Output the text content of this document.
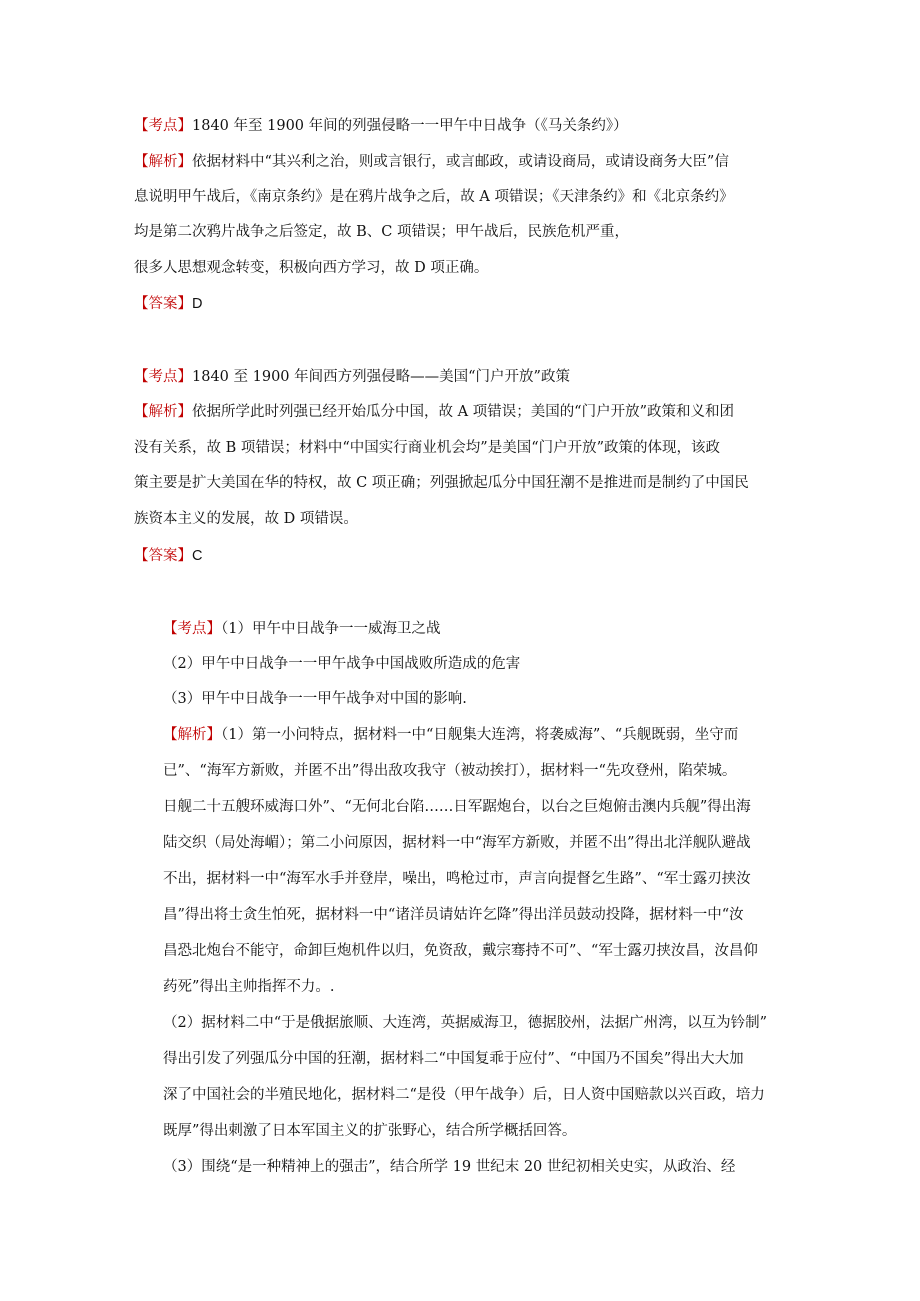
【考点】1840 年至 1900 年间的列强侵略一一甲午中日战争（《马关条约》）
【解析】依据材料中“其兴利之治，则或言银行，或言邮政，或请设商局，或请设商务大臣”信
息说明甲午战后，《南京条约》是在鸦片战争之后，故 A 项错误；《天津条约》和《北京条约》
均是第二次鸦片战争之后签定，故 B、C 项错误；甲午战后，民族危机严重，
很多人思想观念转变，积极向西方学习，故 D 项正确。
【答案】D
【考点】1840 至 1900 年间西方列强侵略——美国“门户开放”政策
【解析】依据所学此时列强已经开始瓜分中国，故 A 项错误；美国的“门户开放”政策和义和团
没有关系，故 B 项错误；材料中“中国实行商业机会均”是美国“门户开放”政策的体现，该政
策主要是扩大美国在华的特权，故 C 项正确；列强掀起瓜分中国狂潮不是推进而是制约了中国民
族资本主义的发展，故 D 项错误。
【答案】C
【考点】（1）甲午中日战争一一威海卫之战
（2）甲午中日战争一一甲午战争中国战败所造成的危害
（3）甲午中日战争一一甲午战争对中国的影响.
【解析】（1）第一小问特点，据材料一中“日舰集大连湾，将袭威海”、“兵舰既弱，坐守而
已”、“海军方新败，并匿不出”得出敌攻我守（被动挨打），据材料一“先攻登州，陷荣城。
日舰二十五艘环威海口外”、“无何北台陷……日军踞炮台，以台之巨炮俯击澳内兵舰”得出海
陆交织（局处海嵋）；第二小问原因，据材料一中“海军方新败，并匿不出”得出北洋舰队避战
不出，据材料一中“海军水手并登岸，噪出，鸣枪过市，声言向提督乞生路”、“军士露刃挟汝
昌”得出将士贪生怕死，据材料一中“诸洋员请姑许乞降”得出洋员鼓动投降，据材料一中“汝
昌恐北炮台不能守，命卸巨炮机件以归，免资敌，戴宗骞持不可”、“军士露刃挟汝昌，汝昌仰
药死”得出主帅指挥不力。.
（2）据材料二中“于是俄据旅顺、大连湾，英据威海卫，德据胶州，法据广州湾，以互为钤制”
得出引发了列强瓜分中国的狂潮，据材料二“中国复乖于应付”、“中国乃不国矣”得出大大加
深了中国社会的半殖民地化，据材料二“是役（甲午战争）后，日人资中国赔款以兴百政，培力
既厚”得出刺激了日本军国主义的扩张野心，结合所学概括回答。
（3）围绕“是一种精神上的强击”，结合所学 19 世纪末 20 世纪初相关史实，从政治、经
